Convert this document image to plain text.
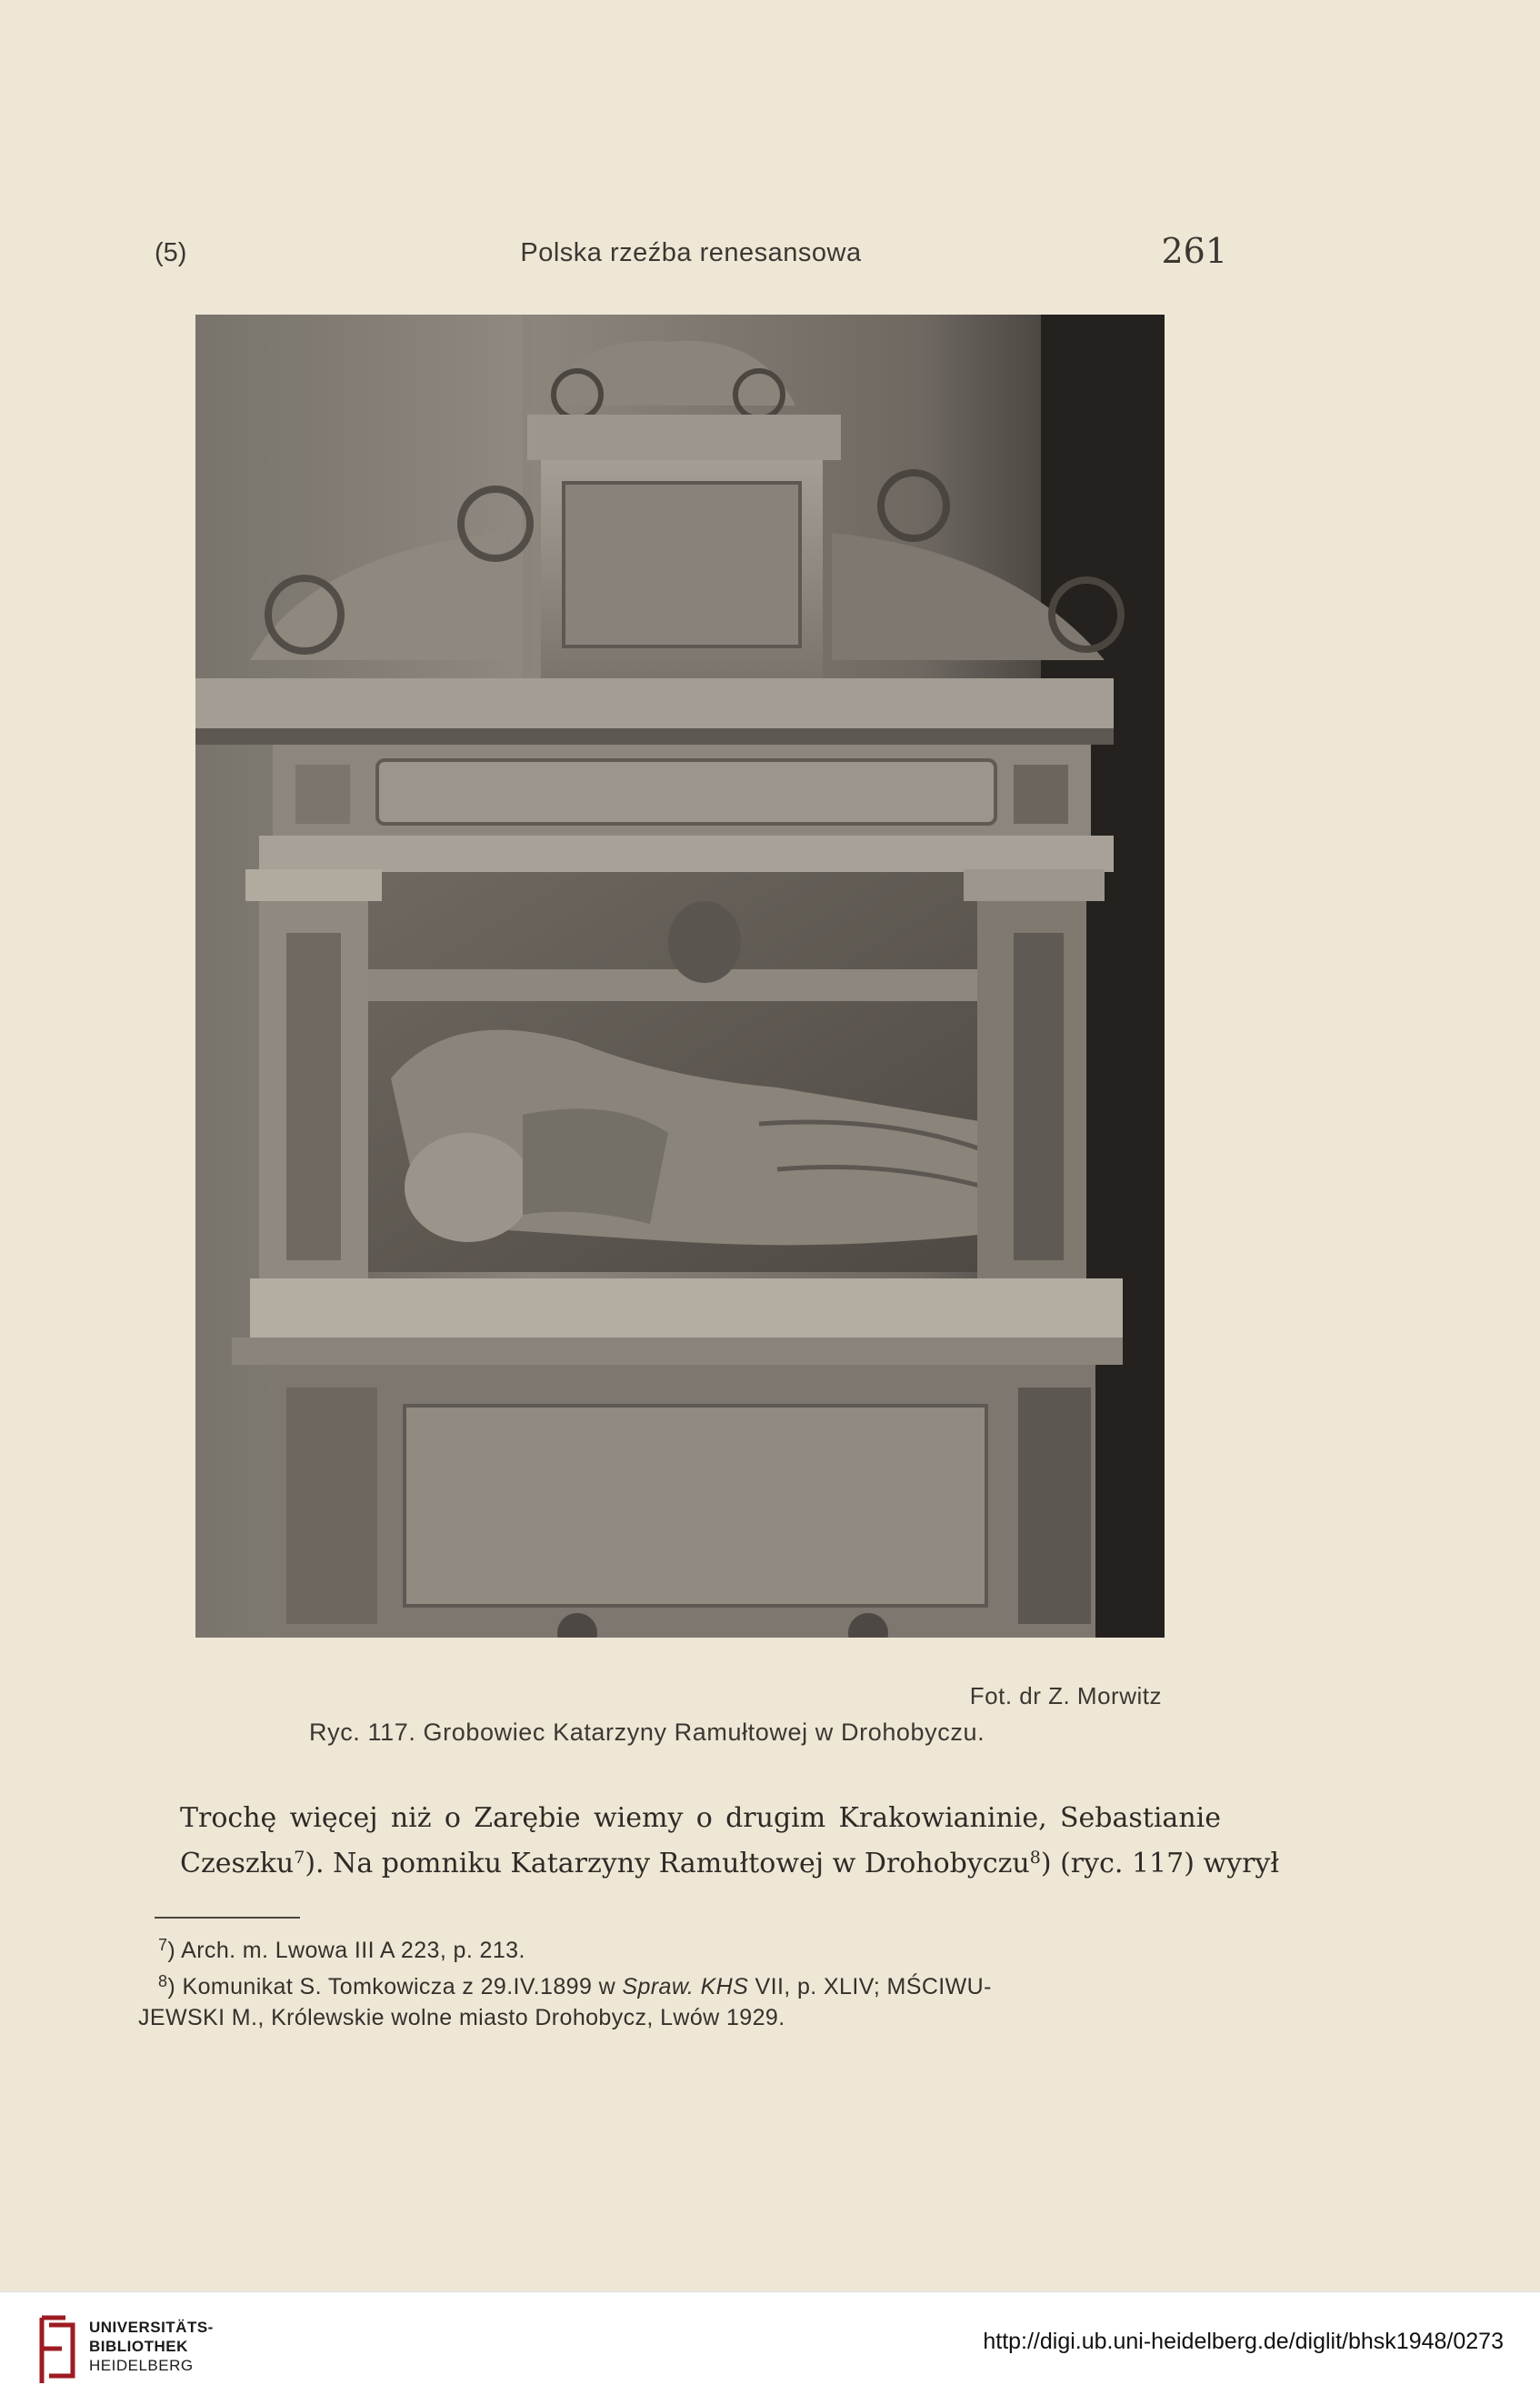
(5)	Polska rzeźba renesansowa	261
Fot. dr Z. Morwitz
Ryc. 117. Grobowiec Katarzyny Ramułtowej w Drohobyczu.
Trochę więcej niż o Zarębie wiemy o drugim Krakowianinie, Sebastianie
Czeszku$^7$). Na pomniku Katarzyny Ramułtowej w Drohobyczu$^8$) (ryc. 117) wyrył
$^7$) Arch. m. Lwowa III A 223, p. 213.
$^8$) Komunikat S. Tomkowicza z 29.IV.1899 w Spraw. KHS VII, p. XLIV; MŚCIWU-
JEWSKI M., Królewskie wolne miasto Drohobycz, Lwów 1929.
UNIVERSITÄTS-
BIBLIOTHEK
HEIDELBERG
http://digi.ub.uni-heidelberg.de/diglit/bhsk1948/0273
